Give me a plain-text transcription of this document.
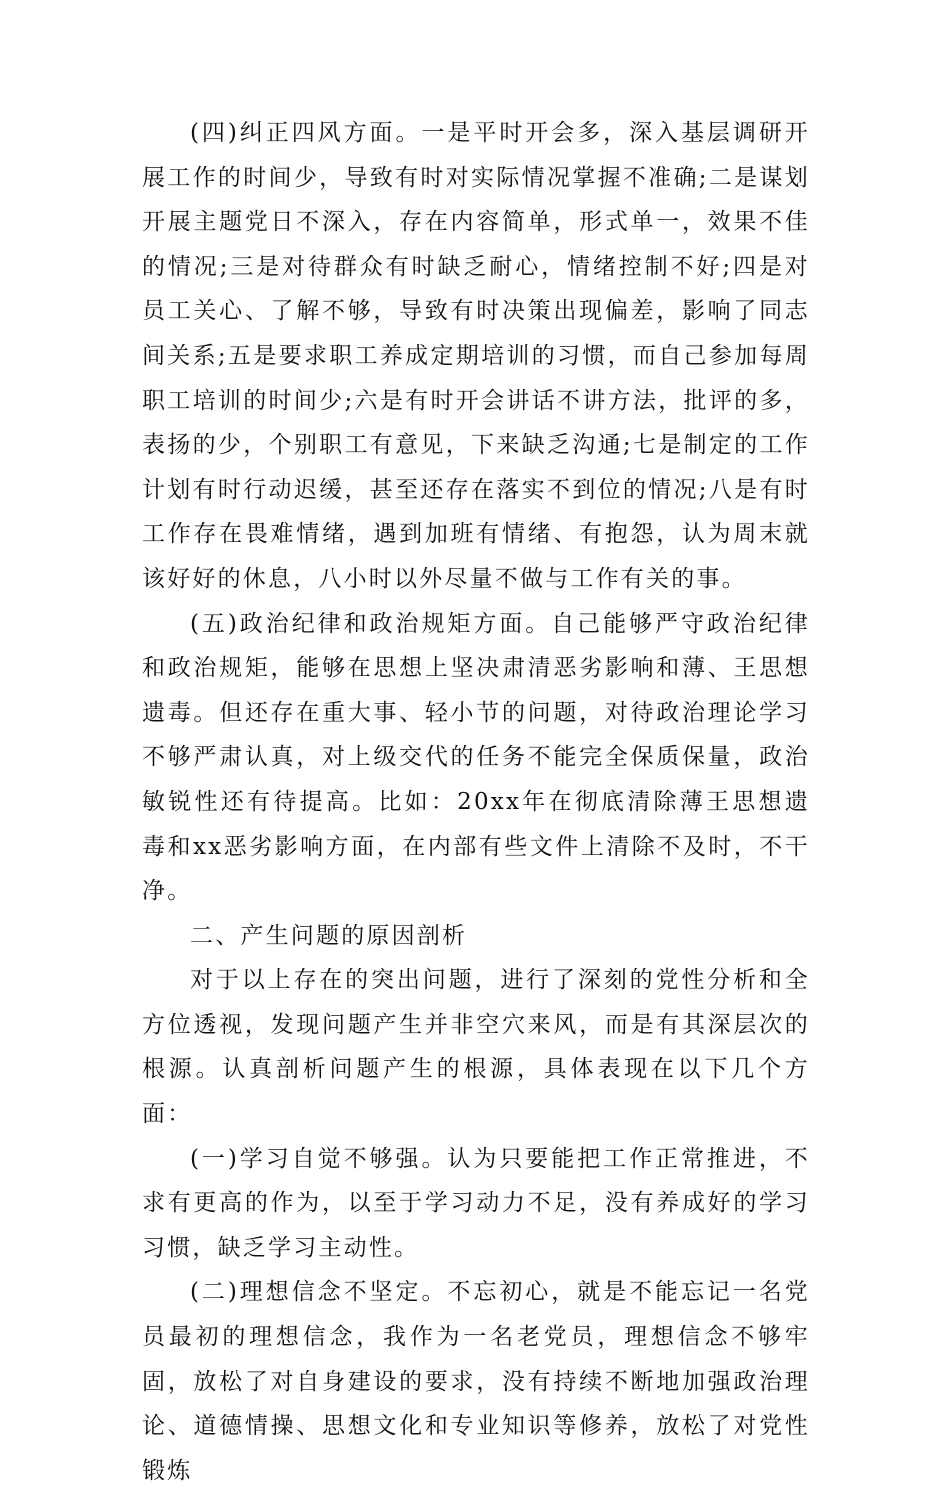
(四)纠正四风方面。一是平时开会多，深入基层调研开展工作的时间少，导致有时对实际情况掌握不准确;二是谋划开展主题党日不深入，存在内容简单，形式单一，效果不佳的情况;三是对待群众有时缺乏耐心，情绪控制不好;四是对员工关心、了解不够，导致有时决策出现偏差，影响了同志间关系;五是要求职工养成定期培训的习惯，而自己参加每周职工培训的时间少;六是有时开会讲话不讲方法，批评的多，表扬的少，个别职工有意见，下来缺乏沟通;七是制定的工作计划有时行动迟缓，甚至还存在落实不到位的情况;八是有时工作存在畏难情绪，遇到加班有情绪、有抱怨，认为周末就该好好的休息，八小时以外尽量不做与工作有关的事。

(五)政治纪律和政治规矩方面。自己能够严守政治纪律和政治规矩，能够在思想上坚决肃清恶劣影响和薄、王思想遗毒。但还存在重大事、轻小节的问题，对待政治理论学习不够严肃认真，对上级交代的任务不能完全保质保量，政治敏锐性还有待提高。比如：20xx年在彻底清除薄王思想遗毒和xx恶劣影响方面，在内部有些文件上清除不及时，不干净。

二、产生问题的原因剖析

对于以上存在的突出问题，进行了深刻的党性分析和全方位透视，发现问题产生并非空穴来风，而是有其深层次的根源。认真剖析问题产生的根源，具体表现在以下几个方面：

(一)学习自觉不够强。认为只要能把工作正常推进，不求有更高的作为，以至于学习动力不足，没有养成好的学习习惯，缺乏学习主动性。

(二)理想信念不坚定。不忘初心，就是不能忘记一名党员最初的理想信念，我作为一名老党员，理想信念不够牢固，放松了对自身建设的要求，没有持续不断地加强政治理论、道德情操、思想文化和专业知识等修养，放松了对党性锻炼
